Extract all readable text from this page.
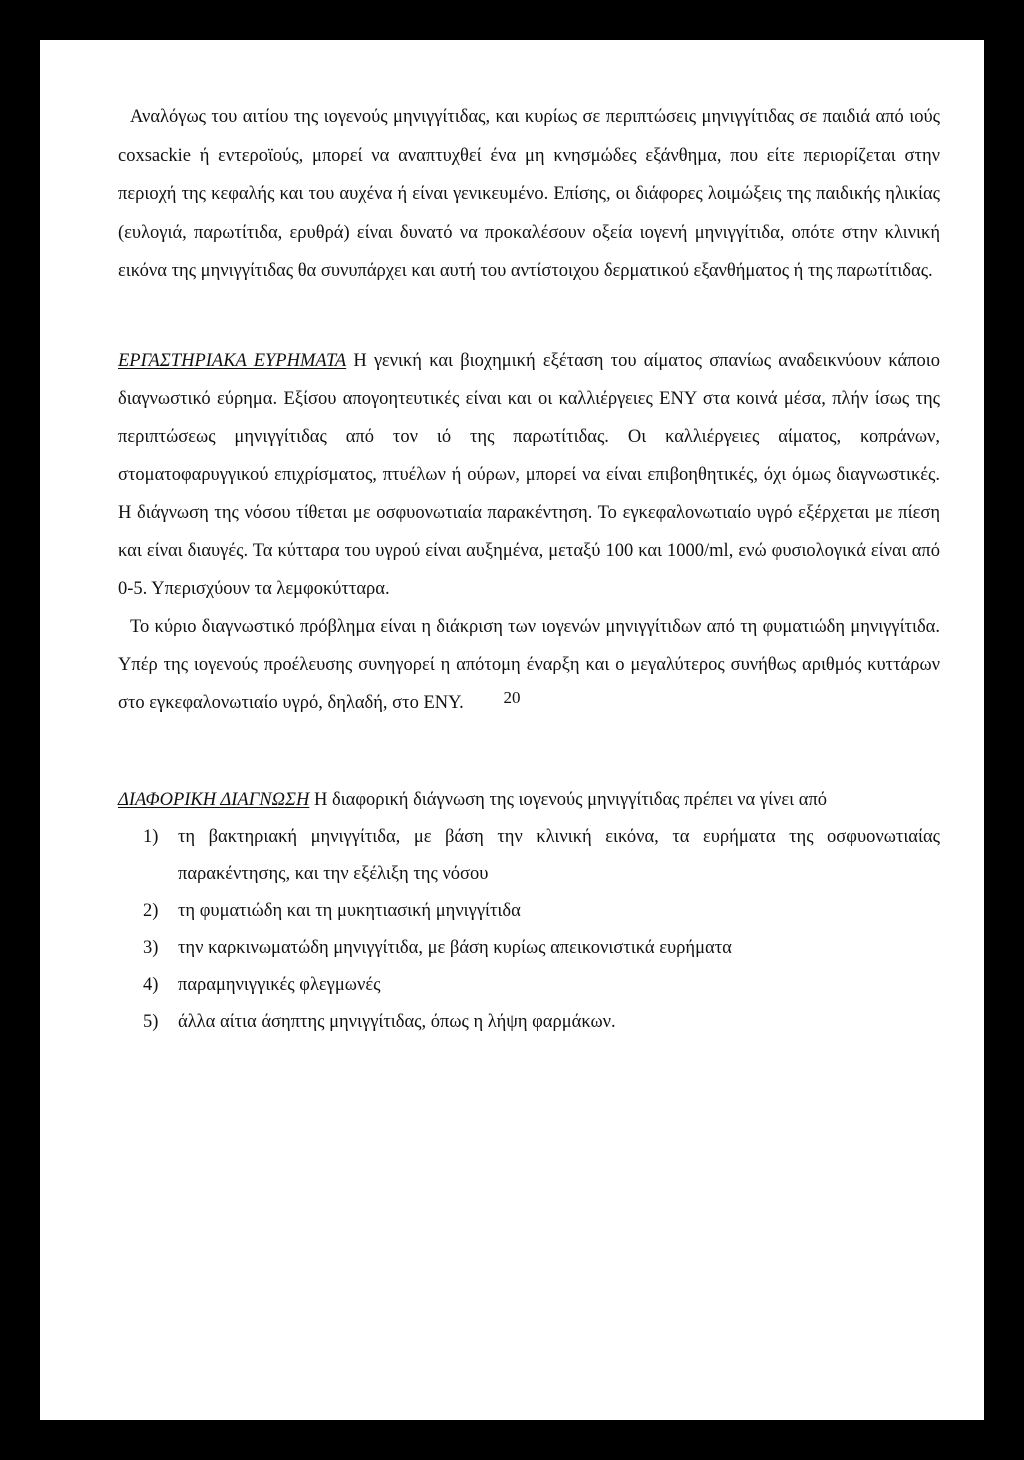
Αναλόγως του αιτίου της ιογενούς μηνιγγίτιδας, και κυρίως σε περιπτώσεις μηνιγγίτιδας σε παιδιά από ιούς coxsackie ή εντεροϊούς, μπορεί να αναπτυχθεί ένα μη κνησμώδες εξάνθημα, που είτε περιορίζεται στην περιοχή της κεφαλής και του αυχένα ή είναι γενικευμένο. Επίσης, οι διάφορες λοιμώξεις της παιδικής ηλικίας (ευλογιά, παρωτίτιδα, ερυθρά) είναι δυνατό να προκαλέσουν οξεία ιογενή μηνιγγίτιδα, οπότε στην κλινική εικόνα της μηνιγγίτιδας θα συνυπάρχει και αυτή του αντίστοιχου δερματικού εξανθήματος ή της παρωτίτιδας.

ΕΡΓΑΣΤΗΡΙΑΚΑ ΕΥΡΗΜΑΤΑ Η γενική και βιοχημική εξέταση του αίματος σπανίως αναδεικνύουν κάποιο διαγνωστικό εύρημα. Εξίσου απογοητευτικές είναι και οι καλλιέργειες ΕΝΥ στα κοινά μέσα, πλήν ίσως της περιπτώσεως μηνιγγίτιδας από τον ιό της παρωτίτιδας. Οι καλλιέργειες αίματος, κοπράνων, στοματοφαρυγγικού επιχρίσματος, πτυέλων ή ούρων, μπορεί να είναι επιβοηθητικές, όχι όμως διαγνωστικές. Η διάγνωση της νόσου τίθεται με οσφυονωτιαία παρακέντηση. Το εγκεφαλονωτιαίο υγρό εξέρχεται με πίεση και είναι διαυγές. Τα κύτταρα του υγρού είναι αυξημένα, μεταξύ 100 και 1000/ml, ενώ φυσιολογικά είναι από 0-5. Υπερισχύουν τα λεμφοκύτταρα.

Το κύριο διαγνωστικό πρόβλημα είναι η διάκριση των ιογενών μηνιγγίτιδων από τη φυματιώδη μηνιγγίτιδα. Υπέρ της ιογενούς προέλευσης συνηγορεί η απότομη έναρξη και ο μεγαλύτερος συνήθως αριθμός κυττάρων στο εγκεφαλονωτιαίο υγρό, δηλαδή, στο ΕΝΥ.

ΔΙΑΦΟΡΙΚΗ ΔΙΑΓΝΩΣΗ Η διαφορική διάγνωση της ιογενούς μηνιγγίτιδας πρέπει να γίνει από

1) τη βακτηριακή μηνιγγίτιδα, με βάση την κλινική εικόνα, τα ευρήματα της οσφυονωτιαίας παρακέντησης, και την εξέλιξη της νόσου
2) τη φυματιώδη και τη μυκητιασική μηνιγγίτιδα
3) την καρκινωματώδη μηνιγγίτιδα, με βάση κυρίως απεικονιστικά ευρήματα
4) παραμηνιγγικές φλεγμωνές
5) άλλα αίτια άσηπτης μηνιγγίτιδας, όπως η λήψη φαρμάκων.
20
